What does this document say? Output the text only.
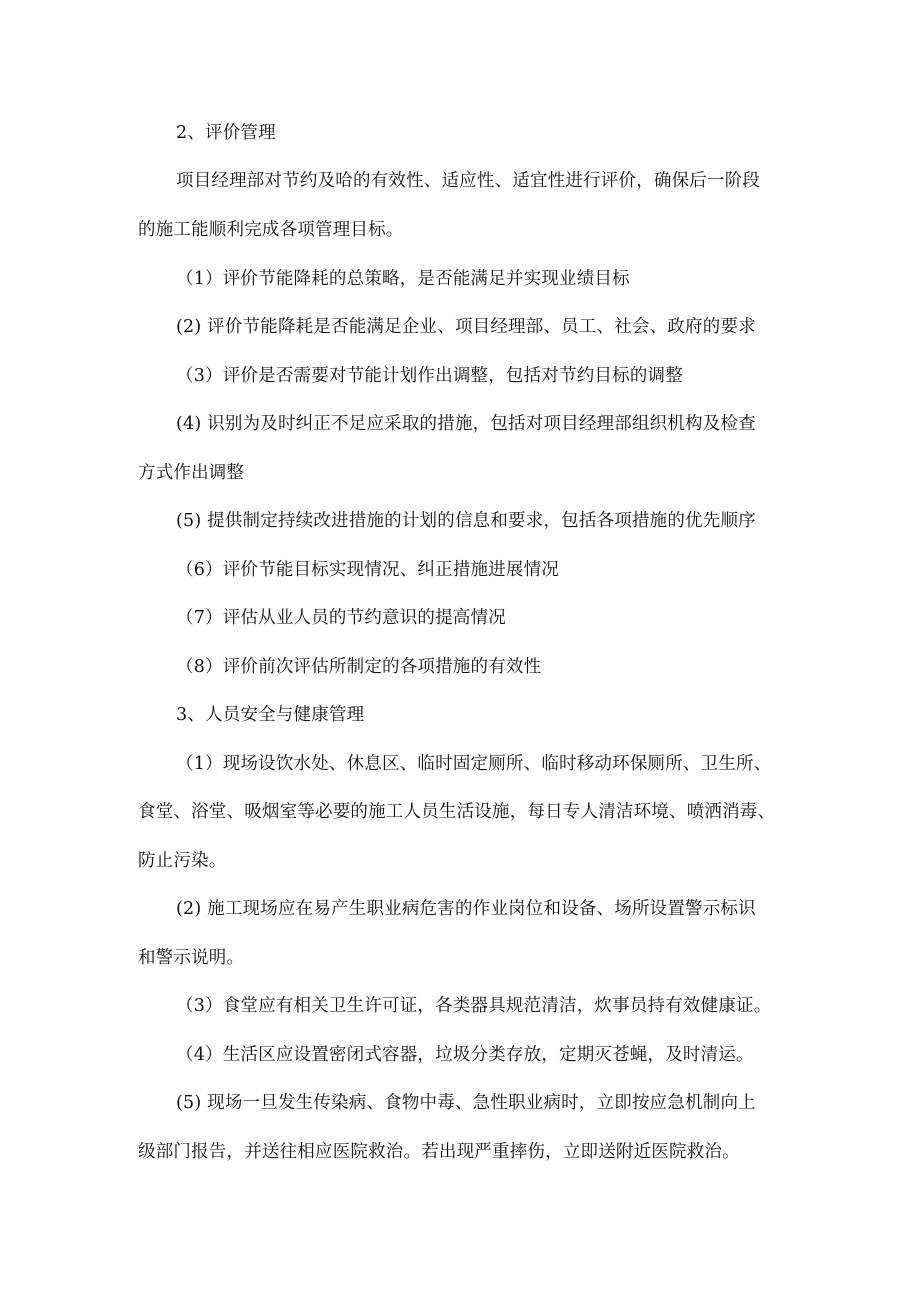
2、评价管理
项目经理部对节约及哈的有效性、适应性、适宜性进行评价，确保后一阶段
的施工能顺利完成各项管理目标。
（1）评价节能降耗的总策略，是否能满足并实现业绩目标
(2) 评价节能降耗是否能满足企业、项目经理部、员工、社会、政府的要求
（3）评价是否需要对节能计划作出调整，包括对节约目标的调整
(4) 识别为及时纠正不足应采取的措施，包括对项目经理部组织机构及检查
方式作出调整
(5) 提供制定持续改进措施的计划的信息和要求，包括各项措施的优先顺序
（6）评价节能目标实现情况、纠正措施进展情况
（7）评估从业人员的节约意识的提高情况
（8）评价前次评估所制定的各项措施的有效性
3、人员安全与健康管理
（1）现场设饮水处、休息区、临时固定厕所、临时移动环保厕所、卫生所、
食堂、浴堂、吸烟室等必要的施工人员生活设施，每日专人清洁环境、喷洒消毒、
防止污染。
(2) 施工现场应在易产生职业病危害的作业岗位和设备、场所设置警示标识
和警示说明。
（3）食堂应有相关卫生许可证，各类器具规范清洁，炊事员持有效健康证。
（4）生活区应设置密闭式容器，垃圾分类存放，定期灭苍蝇，及时清运。
(5) 现场一旦发生传染病、食物中毒、急性职业病时，立即按应急机制向上
级部门报告，并送往相应医院救治。若出现严重摔伤，立即送附近医院救治。
